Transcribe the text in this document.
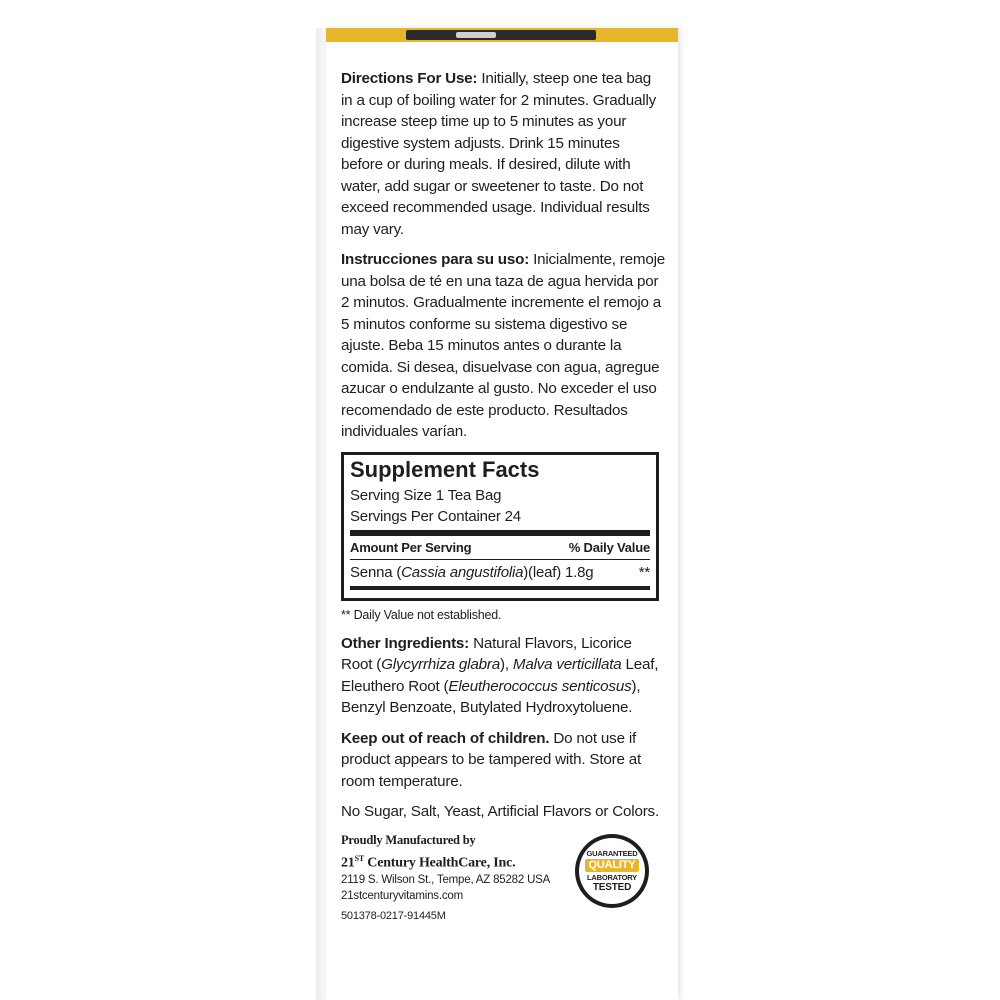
Directions For Use: Initially, steep one tea bag in a cup of boiling water for 2 minutes. Gradually increase steep time up to 5 minutes as your digestive system adjusts. Drink 15 minutes before or during meals. If desired, dilute with water, add sugar or sweetener to taste. Do not exceed recommended usage. Individual results may vary.

Instrucciones para su uso: Inicialmente, remoje una bolsa de té en una taza de agua hervida por 2 minutos. Gradualmente incremente el remojo a 5 minutos conforme su sistema digestivo se ajuste. Beba 15 minutos antes o durante la comida. Si desea, disuelvase con agua, agregue azucar o endulzante al gusto. No exceder el uso recomendado de este producto. Resultados individuales varían.

Supplement Facts
Serving Size 1 Tea Bag
Servings Per Container 24
Amount Per Serving	% Daily Value
Senna (Cassia angustifolia)(leaf) 1.8g	**
** Daily Value not established.

Other Ingredients: Natural Flavors, Licorice Root (Glycyrrhiza glabra), Malva verticillata Leaf, Eleuthero Root (Eleutherococcus senticosus), Benzyl Benzoate, Butylated Hydroxytoluene.

Keep out of reach of children. Do not use if product appears to be tampered with. Store at room temperature.

No Sugar, Salt, Yeast, Artificial Flavors or Colors.

Proudly Manufactured by
21ST Century HealthCare, Inc.
2119 S. Wilson St., Tempe, AZ 85282 USA
21stcenturyvitamins.com
501378-0217-91445M
GUARANTEED
QUALITY
LABORATORY
TESTED
